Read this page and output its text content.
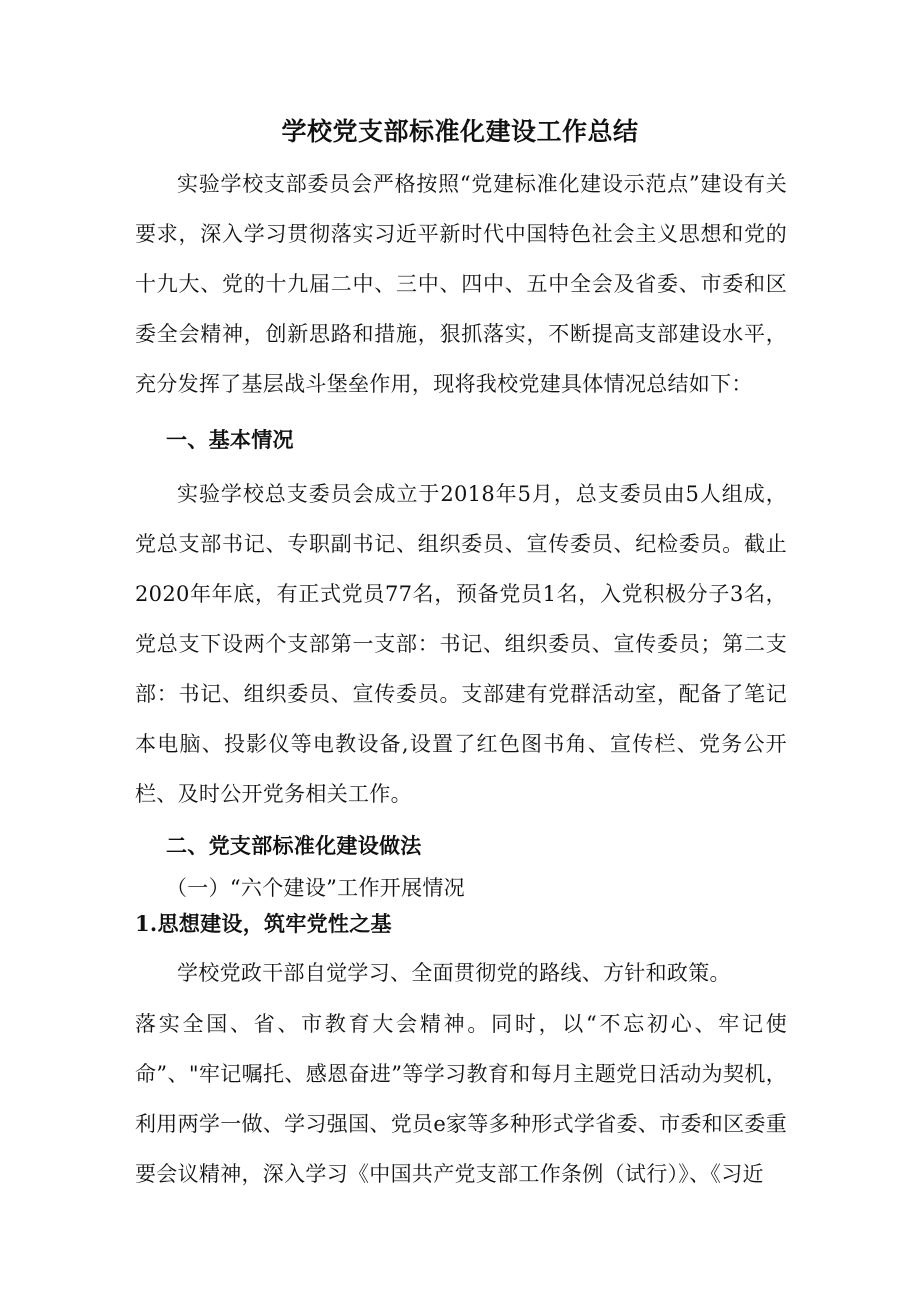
学校党支部标准化建设工作总结
实验学校支部委员会严格按照“党建标准化建设示范点”建设有关要求，深入学习贯彻落实习近平新时代中国特色社会主义思想和党的十九大、党的十九届二中、三中、四中、五中全会及省委、市委和区委全会精神，创新思路和措施，狠抓落实，不断提高支部建设水平，充分发挥了基层战斗堡垒作用，现将我校党建具体情况总结如下：
一、基本情况
实验学校总支委员会成立于2018年5月，总支委员由5人组成，党总支部书记、专职副书记、组织委员、宣传委员、纪检委员。截止2020年年底，有正式党员77名，预备党员1名，入党积极分子3名，党总支下设两个支部第一支部：书记、组织委员、宣传委员；第二支部：书记、组织委员、宣传委员。支部建有党群活动室，配备了笔记本电脑、投影仪等电教设备,设置了红色图书角、宣传栏、党务公开栏、及时公开党务相关工作。
二、党支部标准化建设做法
（一）“六个建设”工作开展情况
1.思想建设，筑牢党性之基
学校党政干部自觉学习、全面贯彻党的路线、方针和政策。
落实全国、省、市教育大会精神。同时，以“不忘初心、牢记使命”、"牢记嘱托、感恩奋进”等学习教育和每月主题党日活动为契机，利用两学一做、学习强国、党员e家等多种形式学省委、市委和区委重要会议精神，深入学习《中国共产党支部工作条例（试行）》、《习近
